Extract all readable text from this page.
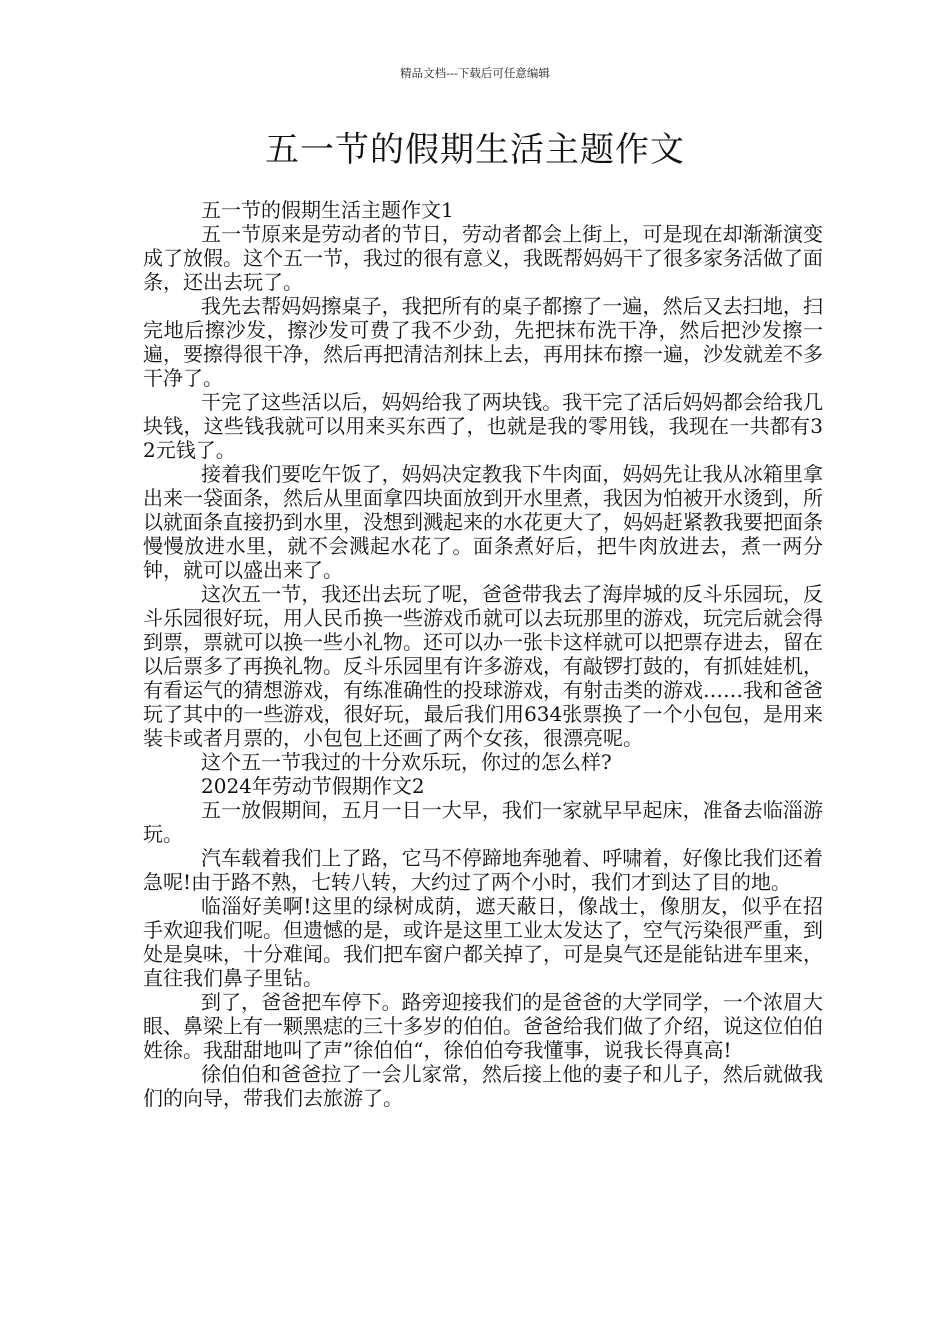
精品文档---下载后可任意编辑
五一节的假期生活主题作文

五一节的假期生活主题作文1

五一节原来是劳动者的节日，劳动者都会上街上，可是现在却渐渐演变成了放假。这个五一节，我过的很有意义，我既帮妈妈干了很多家务活做了面条，还出去玩了。

我先去帮妈妈擦桌子，我把所有的桌子都擦了一遍，然后又去扫地，扫完地后擦沙发，擦沙发可费了我不少劲，先把抹布洗干净，然后把沙发擦一遍，要擦得很干净，然后再把清洁剂抹上去，再用抹布擦一遍，沙发就差不多干净了。

干完了这些活以后，妈妈给我了两块钱。我干完了活后妈妈都会给我几块钱，这些钱我就可以用来买东西了，也就是我的零用钱，我现在一共都有32元钱了。

接着我们要吃午饭了，妈妈决定教我下牛肉面，妈妈先让我从冰箱里拿出来一袋面条，然后从里面拿四块面放到开水里煮，我因为怕被开水烫到，所以就面条直接扔到水里，没想到溅起来的水花更大了，妈妈赶紧教我要把面条慢慢放进水里，就不会溅起水花了。面条煮好后，把牛肉放进去，煮一两分钟，就可以盛出来了。

这次五一节，我还出去玩了呢，爸爸带我去了海岸城的反斗乐园玩，反斗乐园很好玩，用人民币换一些游戏币就可以去玩那里的游戏，玩完后就会得到票，票就可以换一些小礼物。还可以办一张卡这样就可以把票存进去，留在以后票多了再换礼物。反斗乐园里有许多游戏，有敲锣打鼓的，有抓娃娃机，有看运气的猜想游戏，有练准确性的投球游戏，有射击类的游戏……我和爸爸玩了其中的一些游戏，很好玩，最后我们用634张票换了一个小包包，是用来装卡或者月票的，小包包上还画了两个女孩，很漂亮呢。

这个五一节我过的十分欢乐玩，你过的怎么样?

2024年劳动节假期作文2

五一放假期间，五月一日一大早，我们一家就早早起床，准备去临淄游玩。

汽车载着我们上了路，它马不停蹄地奔驰着、呼啸着，好像比我们还着急呢!由于路不熟，七转八转，大约过了两个小时，我们才到达了目的地。

临淄好美啊!这里的绿树成荫，遮天蔽日，像战士，像朋友，似乎在招手欢迎我们呢。但遗憾的是，或许是这里工业太发达了，空气污染很严重，到处是臭味，十分难闻。我们把车窗户都关掉了，可是臭气还是能钻进车里来，直往我们鼻子里钻。

到了，爸爸把车停下。路旁迎接我们的是爸爸的大学同学，一个浓眉大眼、鼻梁上有一颗黑痣的三十多岁的伯伯。爸爸给我们做了介绍，说这位伯伯姓徐。我甜甜地叫了声”徐伯伯“，徐伯伯夸我懂事，说我长得真高!

徐伯伯和爸爸拉了一会儿家常，然后接上他的妻子和儿子，然后就做我们的向导，带我们去旅游了。
